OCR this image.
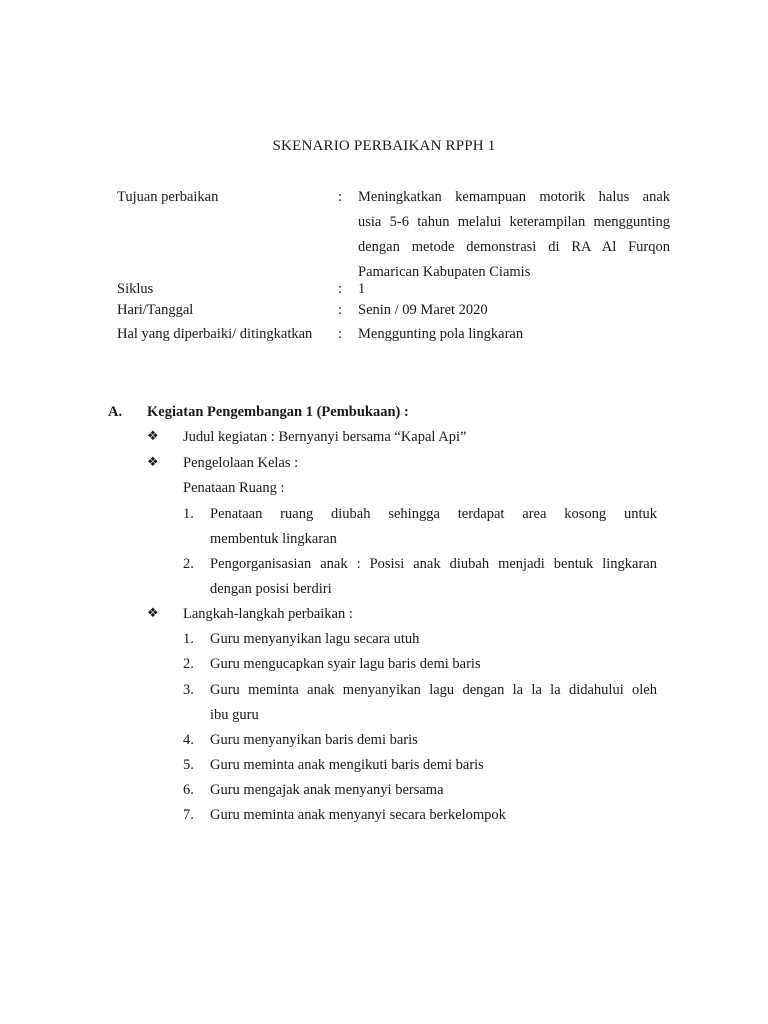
SKENARIO PERBAIKAN RPPH 1
Tujuan perbaikan	: Meningkatkan kemampuan motorik halus anak
usia 5-6 tahun melalui keterampilan menggunting
dengan metode demonstrasi di RA Al Furqon
Pamarican Kabupaten Ciamis
Siklus	: 1
Hari/Tanggal	: Senin / 09 Maret 2020
Hal yang diperbaiki/ ditingkatkan : Menggunting pola lingkaran
A. Kegiatan Pengembangan 1 (Pembukaan) :
❖ Judul kegiatan : Bernyanyi bersama “Kapal Api”
❖ Pengelolaan Kelas :
Penataan Ruang :
1. Penataan ruang diubah sehingga terdapat area kosong untuk
membentuk lingkaran
2. Pengorganisasian anak : Posisi anak diubah menjadi bentuk lingkaran
dengan posisi berdiri
❖ Langkah-langkah perbaikan :
1. Guru menyanyikan lagu secara utuh
2. Guru mengucapkan syair lagu baris demi baris
3. Guru meminta anak menyanyikan lagu dengan la la la didahului oleh
ibu guru
4. Guru menyanyikan baris demi baris
5. Guru meminta anak mengikuti baris demi baris
6. Guru mengajak anak menyanyi bersama
7. Guru meminta anak menyanyi secara berkelompok
